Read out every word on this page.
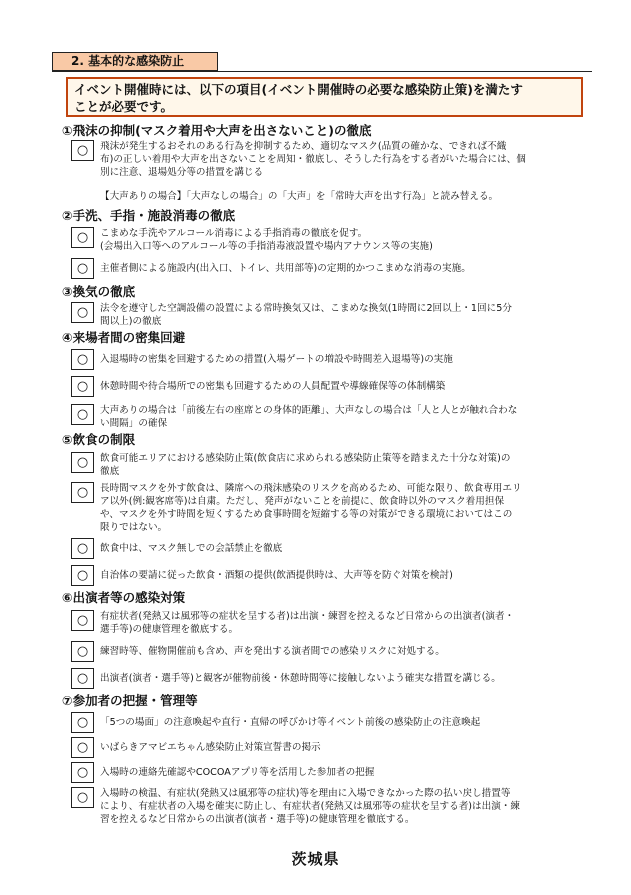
2. 基本的な感染防止
イベント開催時には、以下の項目(イベント開催時の必要な感染防止策)を満たす
ことが必要です。
①飛沫の抑制(マスク着用や大声を出さないこと)の徹底
○	飛沫が発生するおそれのある行為を抑制するため、適切なマスク(品質の確かな、できれば不織
布)の正しい着用や大声を出さないことを周知・徹底し、そうした行為をする者がいた場合には、個
別に注意、退場処分等の措置を講じる
【大声ありの場合】「大声なしの場合」の「大声」を「常時大声を出す行為」と読み替える。
②手洗、手指・施設消毒の徹底
○	こまめな手洗やアルコール消毒による手指消毒の徹底を促す。
(会場出入口等へのアルコール等の手指消毒液設置や場内アナウンス等の実施)
○	主催者側による施設内(出入口、トイレ、共用部等)の定期的かつこまめな消毒の実施。
③換気の徹底
○	法令を遵守した空調設備の設置による常時換気又は、こまめな換気(1時間に2回以上・1回に5分
間以上)の徹底
④来場者間の密集回避
○	入退場時の密集を回避するための措置(入場ゲートの増設や時間差入退場等)の実施
○	休憩時間や待合場所での密集も回避するための人員配置や導線確保等の体制構築
○	大声ありの場合は「前後左右の座席との身体的距離」、大声なしの場合は「人と人とが触れ合わな
い間隔」の確保
⑤飲食の制限
○	飲食可能エリアにおける感染防止策(飲食店に求められる感染防止策等を踏まえた十分な対策)の
徹底
○	長時間マスクを外す飲食は、隣席への飛沫感染のリスクを高めるため、可能な限り、飲食専用エリ
ア以外(例:観客席等)は自粛。ただし、発声がないことを前提に、飲食時以外のマスク着用担保
や、マスクを外す時間を短くするため食事時間を短縮する等の対策ができる環境においてはこの
限りではない。
○	飲食中は、マスク無しでの会話禁止を徹底
○	自治体の要請に従った飲食・酒類の提供(飲酒提供時は、大声等を防ぐ対策を検討)
⑥出演者等の感染対策
○	有症状者(発熱又は風邪等の症状を呈する者)は出演・練習を控えるなど日常からの出演者(演者・
選手等)の健康管理を徹底する。
○	練習時等、催物開催前も含め、声を発出する演者間での感染リスクに対処する。
○	出演者(演者・選手等)と観客が催物前後・休憩時間等に接触しないよう確実な措置を講じる。
⑦参加者の把握・管理等
○	「5つの場面」の注意喚起や直行・直帰の呼びかけ等イベント前後の感染防止の注意喚起
○	いばらきアマビエちゃん感染防止対策宣誓書の掲示
○	入場時の連絡先確認やCOCOAアプリ等を活用した参加者の把握
○	入場時の検温、有症状(発熱又は風邪等の症状)等を理由に入場できなかった際の払い戻し措置等
により、有症状者の入場を確実に防止し、有症状者(発熱又は風邪等の症状を呈する者)は出演・練
習を控えるなど日常からの出演者(演者・選手等)の健康管理を徹底する。
茨城県
